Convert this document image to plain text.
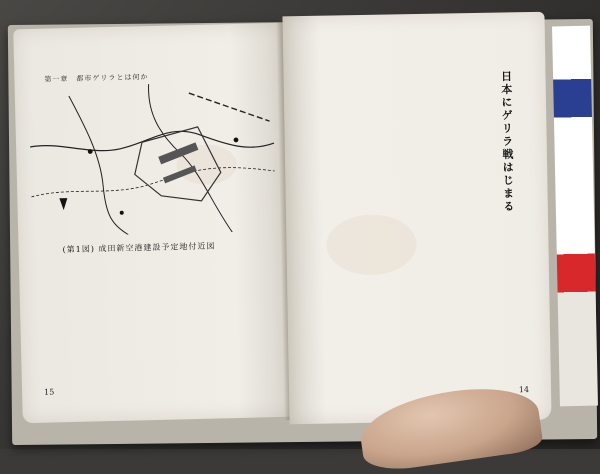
第一章　都市ゲリラとは何か
(第1図) 成田新空港建設予定地付近図
15
日本にゲリラ戦はじまる
14
